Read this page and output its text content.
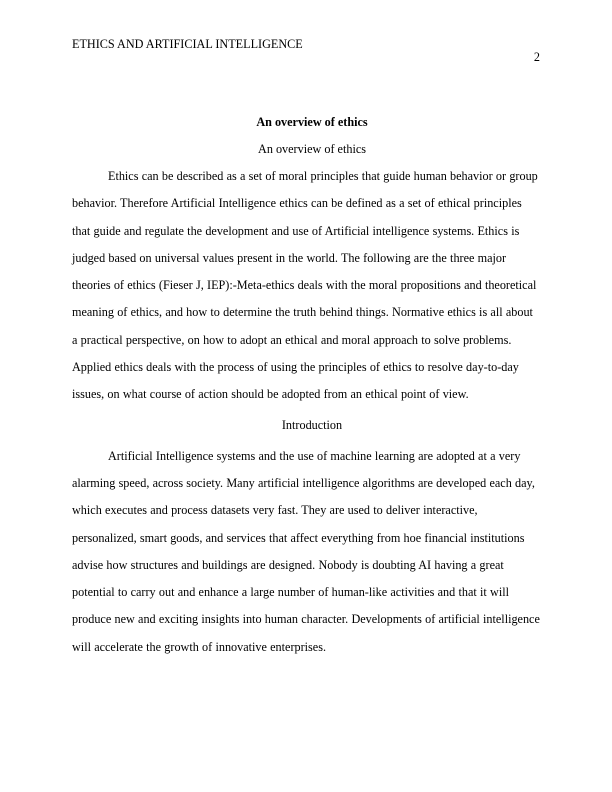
ETHICS AND ARTIFICIAL INTELLIGENCE
2

An overview of ethics

An overview of ethics

Ethics can be described as a set of moral principles that guide human behavior or group behavior. Therefore Artificial Intelligence ethics can be defined as a set of ethical principles that guide and regulate the development and use of Artificial intelligence systems. Ethics is judged based on universal values present in the world. The following are the three major theories of ethics (Fieser J, IEP):-Meta-ethics deals with the moral propositions and theoretical meaning of ethics, and how to determine the truth behind things. Normative ethics is all about a practical perspective, on how to adopt an ethical and moral approach to solve problems. Applied ethics deals with the process of using the principles of ethics to resolve day-to-day issues, on what course of action should be adopted from an ethical point of view.

Introduction

Artificial Intelligence systems and the use of machine learning are adopted at a very alarming speed, across society. Many artificial intelligence algorithms are developed each day, which executes and process datasets very fast. They are used to deliver interactive, personalized, smart goods, and services that affect everything from hoe financial institutions advise how structures and buildings are designed. Nobody is doubting AI having a great potential to carry out and enhance a large number of human-like activities and that it will produce new and exciting insights into human character. Developments of artificial intelligence will accelerate the growth of innovative enterprises.
